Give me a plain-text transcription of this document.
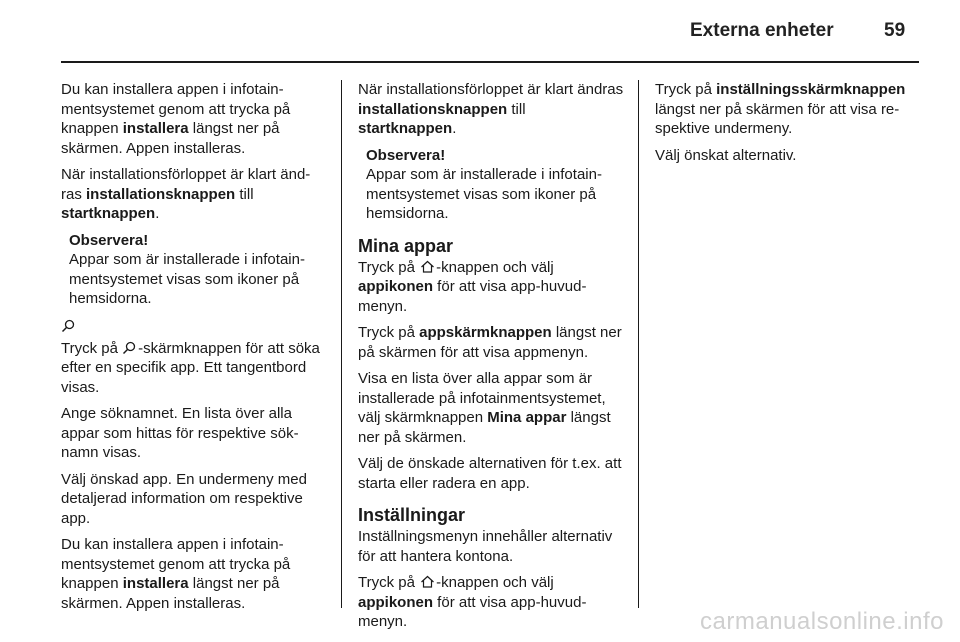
Externa enheter	59

Du kan installera appen i infotainmentsystemet genom att trycka på knappen installera längst ner på skärmen. Appen installeras.

När installationsförloppet är klart ändras installationsknappen till startknappen.

Observera!
Appar som är installerade i infotainmentsystemet visas som ikoner på hemsidorna.

Tryck på -skärmknappen för att söka efter en specifik app. Ett tangentbord visas.

Ange söknamnet. En lista över alla appar som hittas för respektive söknamn visas.

Välj önskad app. En undermeny med detaljerad information om respektive app.

Du kan installera appen i infotainmentsystemet genom att trycka på knappen installera längst ner på skärmen. Appen installeras.

När installationsförloppet är klart ändras installationsknappen till startknappen.

Observera!
Appar som är installerade i infotainmentsystemet visas som ikoner på hemsidorna.
Mina appar

Tryck på -knappen och välj appikonen för att visa app-huvudmenyn.

Tryck på appskärmknappen längst ner på skärmen för att visa appmenyn.

Visa en lista över alla appar som är installerade på infotainmentsystemet, välj skärmknappen Mina appar längst ner på skärmen.

Välj de önskade alternativen för t.ex. att starta eller radera en app.

Inställningar

Inställningsmenyn innehåller alternativ för att hantera kontona.

Tryck på -knappen och välj appikonen för att visa app-huvudmenyn.

Tryck på inställningsskärmknappen längst ner på skärmen för att visa respektive undermeny.

Välj önskat alternativ.

carmanualsonline.info
